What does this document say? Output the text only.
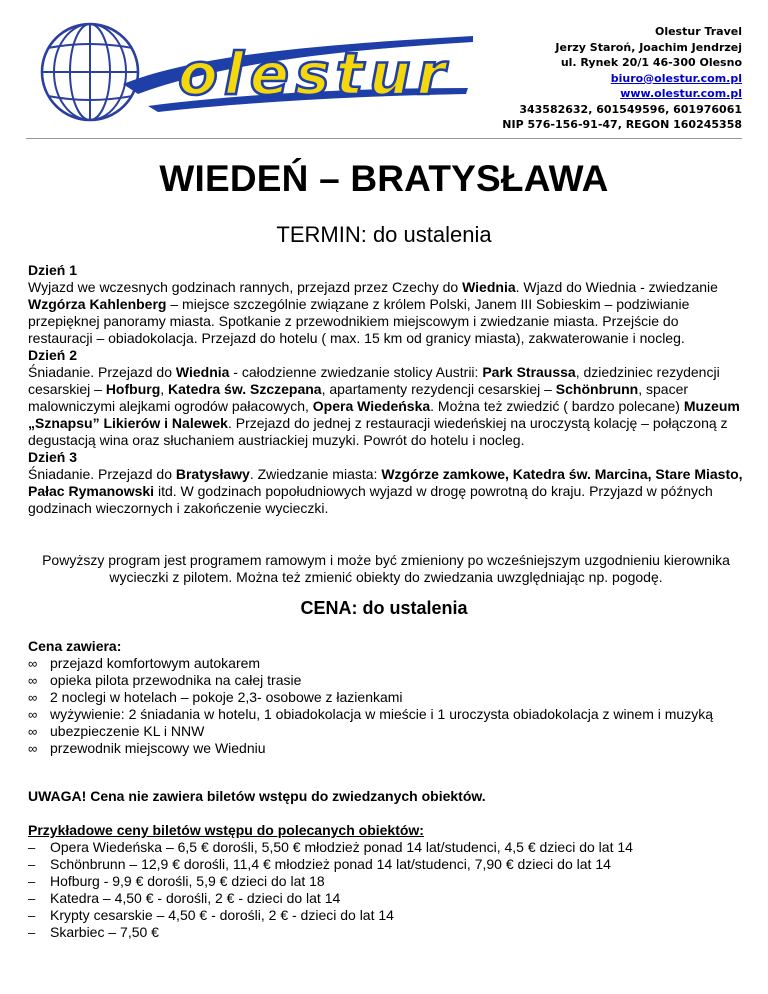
olestur
Olestur Travel
Jerzy Staroń, Joachim Jendrzej
ul. Rynek 20/1 46-300 Olesno
biuro@olestur.com.pl
www.olestur.com.pl
343582632, 601549596, 601976061
NIP 576-156-91-47, REGON 160245358
WIEDEŃ – BRATYSŁAWA
TERMIN: do ustalenia

Dzień 1

Wyjazd we wczesnych godzinach rannych, przejazd przez Czechy do Wiednia. Wjazd do Wiednia - zwiedzanie Wzgórza Kahlenberg – miejsce szczególnie związane z królem Polski, Janem III Sobieskim – podziwianie przepięknej panoramy miasta. Spotkanie z przewodnikiem miejscowym i zwiedzanie miasta. Przejście do restauracji – obiadokolacja. Przejazd do hotelu ( max. 15 km od granicy miasta), zakwaterowanie i nocleg.

Dzień 2

Śniadanie. Przejazd do Wiednia - całodzienne zwiedzanie stolicy Austrii: Park Straussa, dziedziniec rezydencji cesarskiej – Hofburg, Katedra św. Szczepana, apartamenty rezydencji cesarskiej – Schönbrunn, spacer malowniczymi alejkami ogrodów pałacowych, Opera Wiedeńska. Można też zwiedzić ( bardzo polecane) Muzeum „Sznapsu” Likierów i Nalewek. Przejazd do jednej z restauracji wiedeńskiej na uroczystą kolację – połączoną z degustacją wina oraz słuchaniem austriackiej muzyki. Powrót do hotelu i nocleg.

Dzień 3

Śniadanie. Przejazd do Bratysławy. Zwiedzanie miasta: Wzgórze zamkowe, Katedra św. Marcina, Stare Miasto, Pałac Rymanowski itd. W godzinach popołudniowych wyjazd w drogę powrotną do kraju. Przyjazd w późnych godzinach wieczornych i zakończenie wycieczki.

Powyższy program jest programem ramowym i może być zmieniony po wcześniejszym uzgodnieniu kierownika wycieczki z pilotem. Można też zmienić obiekty do zwiedzania uwzględniając np. pogodę.
CENA: do ustalenia

Cena zawiera:

∞ przejazd komfortowym autokarem
∞ opieka pilota przewodnika na całej trasie
∞ 2 noclegi w hotelach – pokoje 2,3- osobowe z łazienkami
∞ wyżywienie: 2 śniadania w hotelu, 1 obiadokolacja w mieście i 1 uroczysta obiadokolacja z winem i muzyką
∞ ubezpieczenie KL i NNW
∞ przewodnik miejscowy we Wiedniu
UWAGA! Cena nie zawiera biletów wstępu do zwiedzanych obiektów.

Przykładowe ceny biletów wstępu do polecanych obiektów:

–	Opera Wiedeńska – 6,5 € dorośli, 5,50 € młodzież ponad 14 lat/studenci, 4,5 € dzieci do lat 14
–	Schönbrunn – 12,9 € dorośli, 11,4 € młodzież ponad 14 lat/studenci, 7,90 € dzieci do lat 14
–	Hofburg - 9,9 € dorośli, 5,9 € dzieci do lat 18
–	Katedra – 4,50 € - dorośli, 2 € - dzieci do lat 14
–	Krypty cesarskie – 4,50 € - dorośli, 2 € - dzieci do lat 14
–	Skarbiec – 7,50 €
